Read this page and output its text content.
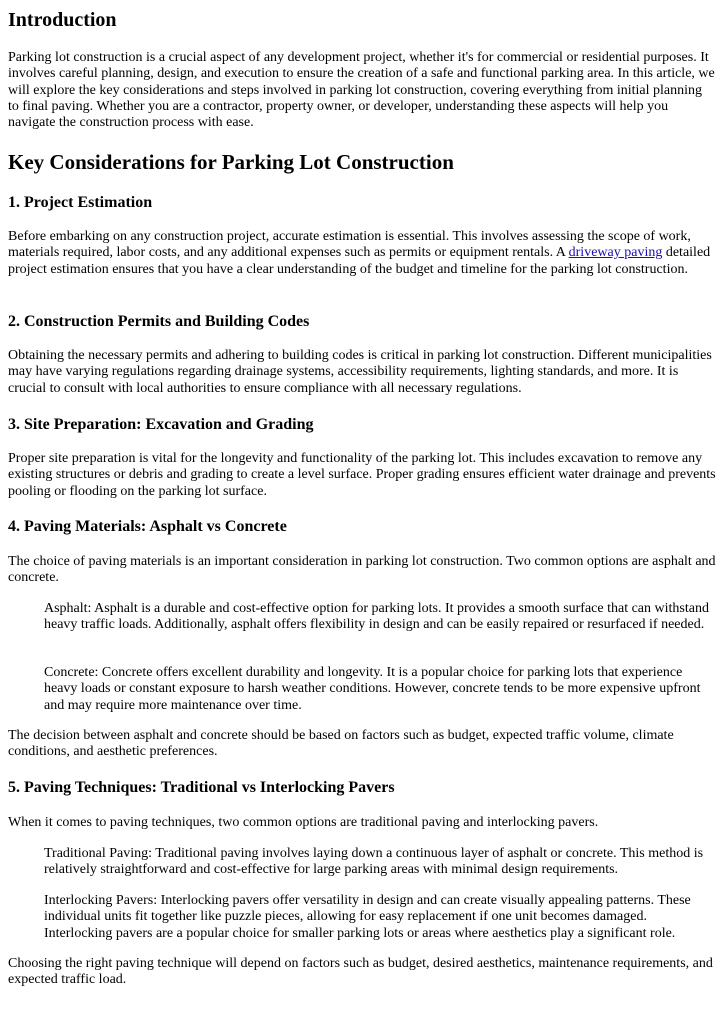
Introduction

Parking lot construction is a crucial aspect of any development project, whether it's for commercial or residential purposes. It involves careful planning, design, and execution to ensure the creation of a safe and functional parking area. In this article, we will explore the key considerations and steps involved in parking lot construction, covering everything from initial planning to final paving. Whether you are a contractor, property owner, or developer, understanding these aspects will help you navigate the construction process with ease.

Key Considerations for Parking Lot Construction
1. Project Estimation

Before embarking on any construction project, accurate estimation is essential. This involves assessing the scope of work, materials required, labor costs, and any additional expenses such as permits or equipment rentals. A driveway paving detailed project estimation ensures that you have a clear understanding of the budget and timeline for the parking lot construction.

2. Construction Permits and Building Codes

Obtaining the necessary permits and adhering to building codes is critical in parking lot construction. Different municipalities may have varying regulations regarding drainage systems, accessibility requirements, lighting standards, and more. It is crucial to consult with local authorities to ensure compliance with all necessary regulations.

3. Site Preparation: Excavation and Grading

Proper site preparation is vital for the longevity and functionality of the parking lot. This includes excavation to remove any existing structures or debris and grading to create a level surface. Proper grading ensures efficient water drainage and prevents pooling or flooding on the parking lot surface.

4. Paving Materials: Asphalt vs Concrete

The choice of paving materials is an important consideration in parking lot construction. Two common options are asphalt and concrete.

Asphalt: Asphalt is a durable and cost-effective option for parking lots. It provides a smooth surface that can withstand heavy traffic loads. Additionally, asphalt offers flexibility in design and can be easily repaired or resurfaced if needed.

Concrete: Concrete offers excellent durability and longevity. It is a popular choice for parking lots that experience heavy loads or constant exposure to harsh weather conditions. However, concrete tends to be more expensive upfront and may require more maintenance over time.

The decision between asphalt and concrete should be based on factors such as budget, expected traffic volume, climate conditions, and aesthetic preferences.

5. Paving Techniques: Traditional vs Interlocking Pavers

When it comes to paving techniques, two common options are traditional paving and interlocking pavers.

Traditional Paving: Traditional paving involves laying down a continuous layer of asphalt or concrete. This method is relatively straightforward and cost-effective for large parking areas with minimal design requirements.

Interlocking Pavers: Interlocking pavers offer versatility in design and can create visually appealing patterns. These individual units fit together like puzzle pieces, allowing for easy replacement if one unit becomes damaged. Interlocking pavers are a popular choice for smaller parking lots or areas where aesthetics play a significant role.

Choosing the right paving technique will depend on factors such as budget, desired aesthetics, maintenance requirements, and expected traffic load.
